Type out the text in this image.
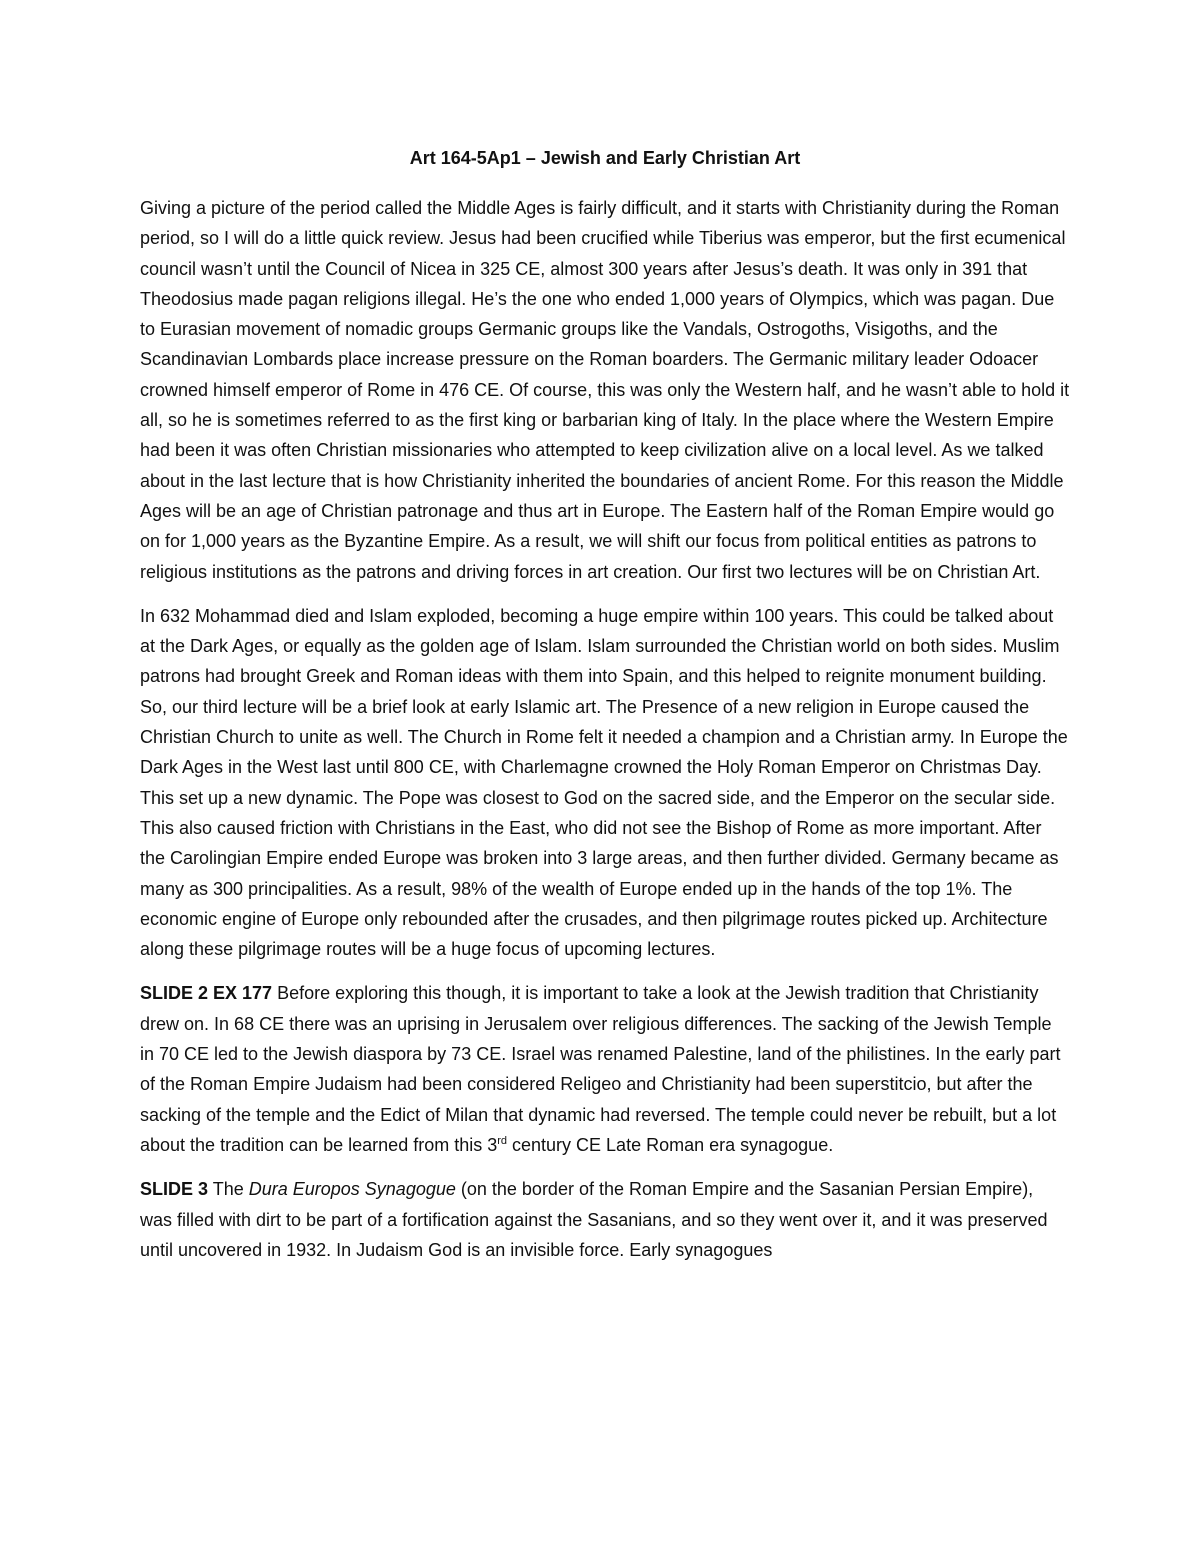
Art 164-5Ap1 – Jewish and Early Christian Art

Giving a picture of the period called the Middle Ages is fairly difficult, and it starts with Christianity during the Roman period, so I will do a little quick review. Jesus had been crucified while Tiberius was emperor, but the first ecumenical council wasn’t until the Council of Nicea in 325 CE, almost 300 years after Jesus’s death. It was only in 391 that Theodosius made pagan religions illegal. He’s the one who ended 1,000 years of Olympics, which was pagan. Due to Eurasian movement of nomadic groups Germanic groups like the Vandals, Ostrogoths, Visigoths, and the Scandinavian Lombards place increase pressure on the Roman boarders. The Germanic military leader Odoacer crowned himself emperor of Rome in 476 CE. Of course, this was only the Western half, and he wasn’t able to hold it all, so he is sometimes referred to as the first king or barbarian king of Italy. In the place where the Western Empire had been it was often Christian missionaries who attempted to keep civilization alive on a local level. As we talked about in the last lecture that is how Christianity inherited the boundaries of ancient Rome. For this reason the Middle Ages will be an age of Christian patronage and thus art in Europe. The Eastern half of the Roman Empire would go on for 1,000 years as the Byzantine Empire. As a result, we will shift our focus from political entities as patrons to religious institutions as the patrons and driving forces in art creation. Our first two lectures will be on Christian Art.

In 632 Mohammad died and Islam exploded, becoming a huge empire within 100 years. This could be talked about at the Dark Ages, or equally as the golden age of Islam. Islam surrounded the Christian world on both sides. Muslim patrons had brought Greek and Roman ideas with them into Spain, and this helped to reignite monument building. So, our third lecture will be a brief look at early Islamic art. The Presence of a new religion in Europe caused the Christian Church to unite as well. The Church in Rome felt it needed a champion and a Christian army. In Europe the Dark Ages in the West last until 800 CE, with Charlemagne crowned the Holy Roman Emperor on Christmas Day. This set up a new dynamic. The Pope was closest to God on the sacred side, and the Emperor on the secular side. This also caused friction with Christians in the East, who did not see the Bishop of Rome as more important. After the Carolingian Empire ended Europe was broken into 3 large areas, and then further divided. Germany became as many as 300 principalities. As a result, 98% of the wealth of Europe ended up in the hands of the top 1%. The economic engine of Europe only rebounded after the crusades, and then pilgrimage routes picked up. Architecture along these pilgrimage routes will be a huge focus of upcoming lectures.

SLIDE 2 EX 177 Before exploring this though, it is important to take a look at the Jewish tradition that Christianity drew on. In 68 CE there was an uprising in Jerusalem over religious differences. The sacking of the Jewish Temple in 70 CE led to the Jewish diaspora by 73 CE. Israel was renamed Palestine, land of the philistines. In the early part of the Roman Empire Judaism had been considered Religeo and Christianity had been superstitcio, but after the sacking of the temple and the Edict of Milan that dynamic had reversed. The temple could never be rebuilt, but a lot about the tradition can be learned from this 3rd century CE Late Roman era synagogue.

SLIDE 3 The Dura Europos Synagogue (on the border of the Roman Empire and the Sasanian Persian Empire), was filled with dirt to be part of a fortification against the Sasanians, and so they went over it, and it was preserved until uncovered in 1932. In Judaism God is an invisible force. Early synagogues
